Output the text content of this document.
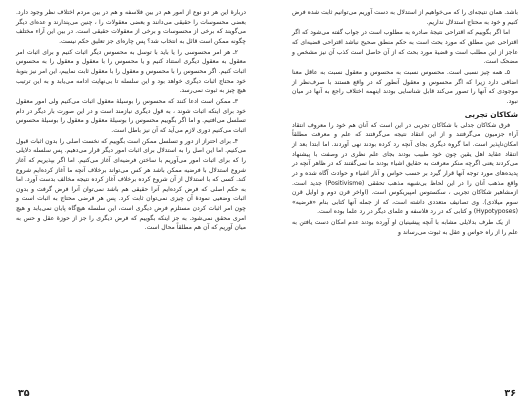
دربارهٔ این هر دو نوع از امور هم در بین فلاسفه و هم در بین مردم اختلاف نظر وجود دارد. بعضی محسوسات را حقیقی می‌دانند و بعضی معقولات را ، چنین می‌پندارند و عده‌ای دیگر می‌گویند که برخی از محسوسات و برخی از معقولات حقیقی است. در بین این آراء مختلف چگونه ممکن است قائل به انتخاب شد؟ پس چاره‌ای جز تعلیق حکم نیست.

۲ـ هر امر محسوسی را یا باید با توسل به محسوس دیگر اثبات کنیم و برای اثبات امر معقول به معقول دیگری استناد کنیم و یا محسوس را با معقول و معقول را به محسوس اثبات کنیم. اگر محسوس را با محسوس و معقول را با معقول ثابت نماییم، این امر نیز بنوبهٔ خود محتاج اثبات دیگری خواهد بود و این سلسله تا بی‌نهایت ادامه می‌یابد و به این ترتیب هیچ چیز به ثبوت نمی‌رسد.

۳ـ ممکن است ادعا کنند که محسوس را بوسیلهٔ معقول اثبات می‌کنیم ولی امور معقول خود برای اینکه اثبات شوند ، به قول دیگری نیازمند است و در این صورت بار دیگر در دام تسلسل می‌افتیم. و اما اگر بگوییم محسوس را بوسیلهٔ معقول و معقول را بوسیلهٔ محسوس اثبات می‌کنیم دوری لازم می‌آید که آن نیز باطل است.

۴ـ برای احتراز از دور و تسلسل ممکن است بگوییم که نخست اصلی را بدون اثبات قبول می‌کنیم. اما این اصل را به استدلال برای اثبات امور دیگر قرار می‌دهیم. پس سلسله دلایلی را که برای اثبات امور می‌آوریم با ساختن فرضیه‌ای آغاز می‌کنیم. اما اگر بپذیریم که آغاز شروع استدلال با فرضیه ممکن باشد هر کس می‌تواند برخلاف آنچه ما آغاز کرده‌ایم شروع کند. کسی که با استدلال از آن شروع کرده برخلاف آغاز کرده نتیجه مخالف بدست آورد. اما به حکم اصلی که فرض کرده‌ایم آنرا حقیقی هم باشد نمی‌توان آنرا فرض گرفت و بدون اثبات وضعیی نمودهٔ آن چیزی نمی‌توان ثابت کرد. پس هر فرضی محتاج به اثبات است و چون امر اثبات کردن مستلزم فرض دیگری است، این سلسله هیچ‌گاه پایان نمی‌یابد و هیچ امری محقق نمی‌شود. به جز اینکه بگوییم که فرض دیگری را جز از حوزهٔ عقل و حس به میان آوریم که آن هم مطلقاً محال است.

۳۵

باشد. همان نتیجه‌ای را که می‌خواهیم از استدلال به دست آوریم می‌توانیم ثابت شده فرض کنیم و خود به محتاج استدلال نداریم.

اما اگر بگوییم که اقتراحی نتیجهٔ صادره به مطلوب است در جواب گفته می‌شود که اگر اقتراحی عین مطلق که مورد بحث است به حکم منطق صحیح نباشد اقتراحی قضیه‌ای که عاجز از این مطلب است و قضیهٔ مورد بحث که از آن حاصل است کذب آن نیز مشخص و مضحک است.

۵ـ همه چیز نسبی است. محسوس نسبت به محسوس و معقول نسبت به عاقل معنا اضافی دارد زیرا که اگر محسوس و معقول آنطور که در واقع هستند با صرف‌نظر از موجودی که آنها را تصور می‌کند قابل شناسایی بودند اینهمه اختلاف راجع به آنها در میان نبود.

شکاکان تجربی

فرق شکاکان جدلی با شکاکان تجربی در این است که آنان هم خود را معروف انتقاد آراء جزمیون می‌گرفتند و از این انتقاد نتیجه می‌گرفتند که علم و معرفت مطلقاً امکان‌ناپذیر است. اما گروه دیگری بجای آنچه رد کرده بودند نهی آوردند. اما ابتدا بعد از انتقاد عقاید اهل یقین چون خود طبیب بودند بجای علم نظری در وصفت با پیشنهاد می‌کردند یعنی اگرچه منکر معرفت به حقایق اشیاء بودند ما نمی‌گفتند که در ظاهر آنچه در پدیده‌های مورد توجه آنها قرار گیرد بر حسب حواس و آنار اشیاء و حوادث آگاه شده و در واقع مذهب آنان را در این لحاظ بی‌شبهه مذهب تحققی (Positivisme) جدید است. ازمشاهیر شکاکان تجربی ، سکستوس امپیریکوس است. (اواخر قرن دوم و اوایل قرن سوم میلادی). وی تصانیف متعددی داشته است، که از جمله آنها کتابی بنام «فرضیه» (Hypotyposes) و کتابی که در رد فلاسفه و علمای دیگر در رد علما بوده است.

از یک طرف بدلایلی مشابه با آنچه پیشینیان او آورده بودند عدم امکان دست یافتن به علم را از راه حواس و عقل به ثبوت می‌رساند و

۳۶
